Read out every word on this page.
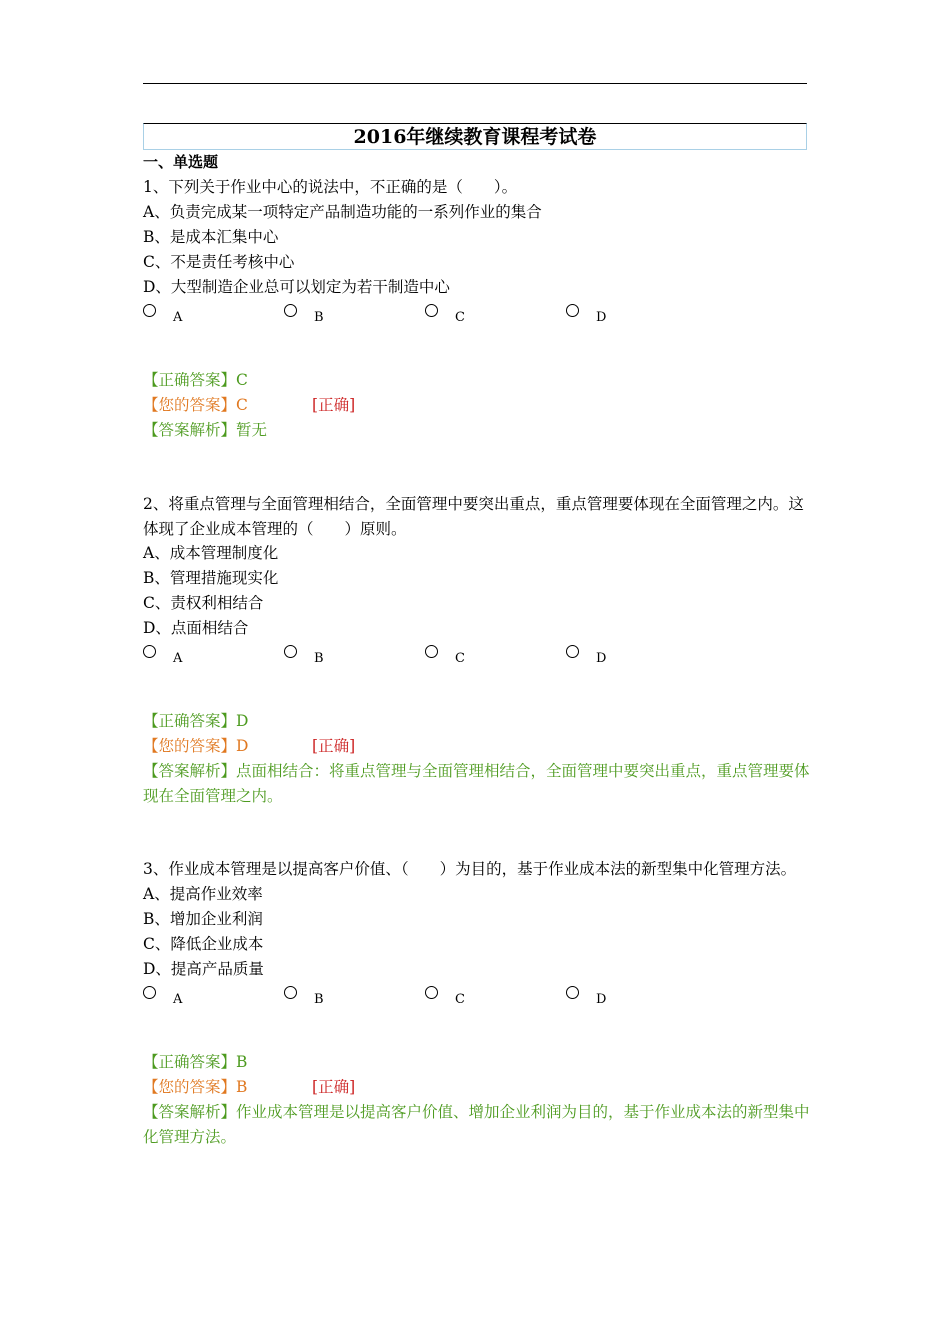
2016年继续教育课程考试卷
一、单选题

1、下列关于作业中心的说法中，不正确的是（　　）。

A、负责完成某一项特定产品制造功能的一系列作业的集合

B、是成本汇集中心

C、不是责任考核中心

D、大型制造企业总可以划定为若干制造中心

A	B	C	D

【正确答案】C

【您的答案】C	[正确]

【答案解析】暂无

2、将重点管理与全面管理相结合，全面管理中要突出重点，重点管理要体现在全面管理之内。这体现了企业成本管理的（　　）原则。

A、成本管理制度化

B、管理措施现实化

C、责权利相结合

D、点面相结合

A	B	C	D

【正确答案】D

【您的答案】D	[正确]

【答案解析】点面相结合：将重点管理与全面管理相结合，全面管理中要突出重点，重点管理要体现在全面管理之内。

3、作业成本管理是以提高客户价值、（　　）为目的，基于作业成本法的新型集中化管理方法。

A、提高作业效率

B、增加企业利润

C、降低企业成本

D、提高产品质量

A	B	C	D

【正确答案】B

【您的答案】B	[正确]

【答案解析】作业成本管理是以提高客户价值、增加企业利润为目的，基于作业成本法的新型集中化管理方法。
